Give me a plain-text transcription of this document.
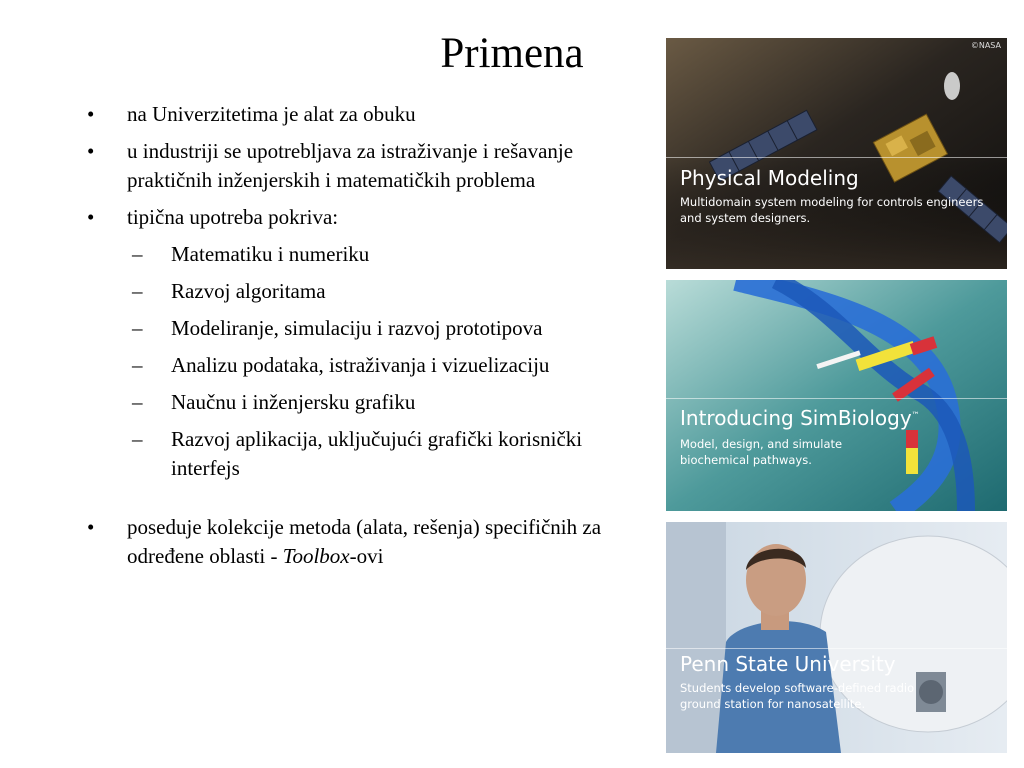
Primena
• na Univerzitetima je alat za obuku
• u industriji se upotrebljava za istraživanje i rešavanje praktičnih inženjerskih i matematičkih problema
• tipična upotreba pokriva:
– Matematiku i numeriku
– Razvoj algoritama
– Modeliranje, simulaciju i razvoj prototipova
– Analizu podataka, istraživanja i vizuelizaciju
– Naučnu i inženjersku grafiku
– Razvoj aplikacija, uključujući grafički korisnički interfejs
• poseduje kolekcije metoda (alata, rešenja) specifičnih za određene oblasti - Toolbox-ovi
©NASA
Physical Modeling
Multidomain system modeling for controls engineers and system designers.
Introducing SimBiology™
Model, design, and simulate biochemical pathways.
Penn State University
Students develop software-defined radio ground station for nanosatellite.
